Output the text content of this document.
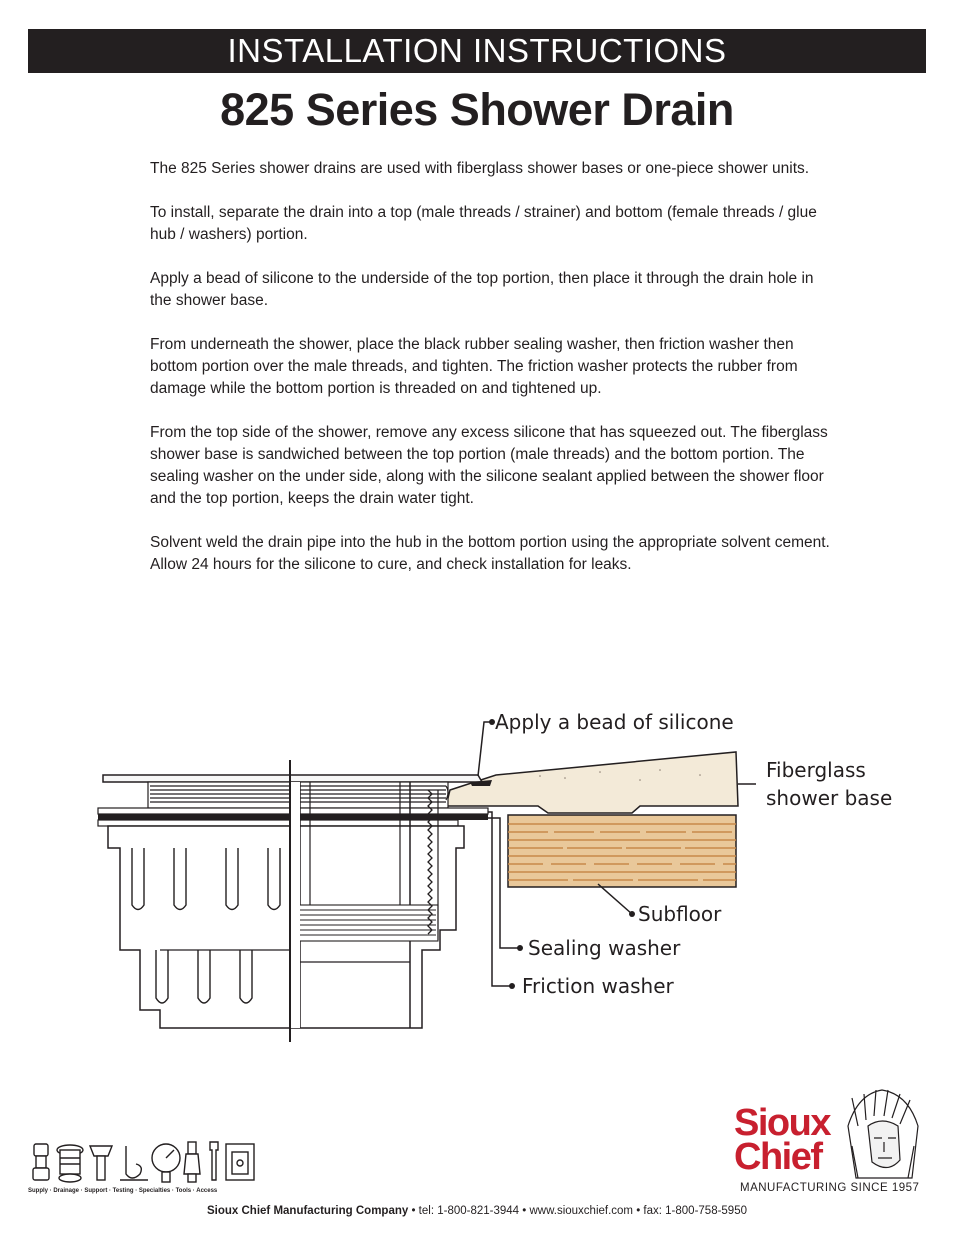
INSTALLATION INSTRUCTIONS
825 Series Shower Drain

The 825 Series shower drains are used with fiberglass shower bases or one-piece shower units.

To install, separate the drain into a top (male threads / strainer) and bottom (female threads / glue hub / washers) portion.

Apply a bead of silicone to the underside of the top portion, then place it through the drain hole in the shower base.

From underneath the shower, place the black rubber sealing washer, then friction washer then bottom portion over the male threads, and tighten. The friction washer protects the rubber from damage while the bottom portion is threaded on and tightened up.

From the top side of the shower, remove any excess silicone that has squeezed out. The fiberglass shower base is sandwiched between the top portion (male threads) and the bottom portion. The sealing washer on the under side, along with the silicone sealant applied between the shower floor and the top portion, keeps the drain water tight.

Solvent weld the drain pipe into the hub in the bottom portion using the appropriate solvent cement. Allow 24 hours for the silicone to cure, and check installation for leaks.

Apply a bead of silicone
Fiberglass
shower base
Subfloor
Sealing washer
Friction washer
Supply · Drainage · Support · Testing · Specialties · Tools · Access
Sioux
Chief
MANUFACTURING SINCE 1957
Sioux Chief Manufacturing Company • tel: 1-800-821-3944 • www.siouxchief.com • fax: 1-800-758-5950
